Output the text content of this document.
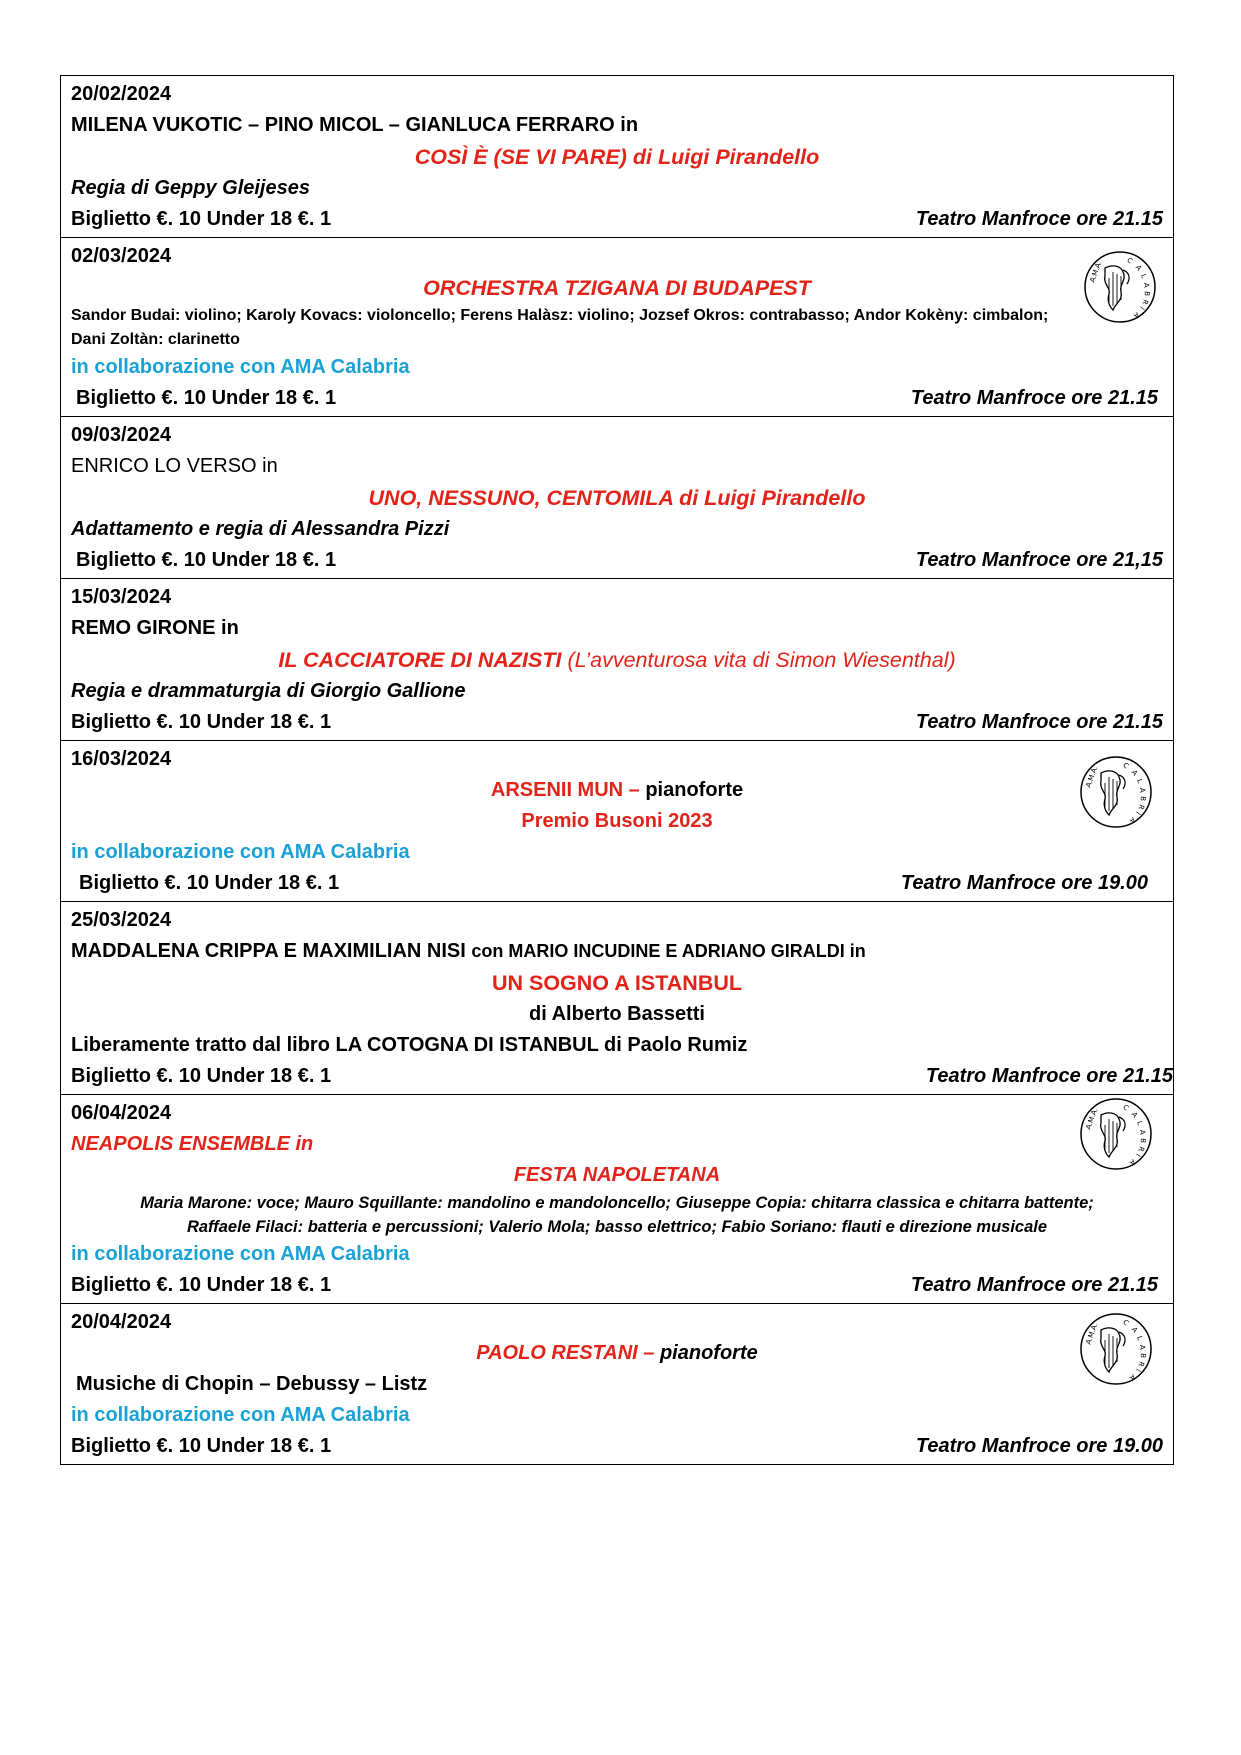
20/02/2024
MILENA VUKOTIC – PINO MICOL – GIANLUCA FERRARO in
COSÌ È (SE VI PARE) di Luigi Pirandello
Regia di Geppy Gleijeses
Biglietto €. 10 Under 18 €. 1	Teatro Manfroce ore 21.15
02/03/2024
ORCHESTRA TZIGANA DI BUDAPEST
Sandor Budai: violino; Karoly Kovacs: violoncello; Ferens Halàsz: violino; Jozsef Okros: contrabasso; Andor Kokèny: cimbalon; Dani Zoltàn: clarinetto
in collaborazione con AMA Calabria
Biglietto €. 10 Under 18 €. 1	Teatro Manfroce ore 21.15
09/03/2024
ENRICO LO VERSO in
UNO, NESSUNO, CENTOMILA di Luigi Pirandello
Adattamento e regia di Alessandra Pizzi
Biglietto €. 10 Under 18 €. 1	Teatro Manfroce ore 21,15
15/03/2024
REMO GIRONE in
IL CACCIATORE DI NAZISTI (L’avventurosa vita di Simon Wiesenthal)
Regia e drammaturgia di Giorgio Gallione
Biglietto €. 10 Under 18 €. 1	Teatro Manfroce ore 21.15
16/03/2024
ARSENII MUN – pianoforte
Premio Busoni 2023
in collaborazione con AMA Calabria
Biglietto €. 10 Under 18 €. 1	Teatro Manfroce ore 19.00
25/03/2024
MADDALENA CRIPPA E MAXIMILIAN NISI con MARIO INCUDINE E ADRIANO GIRALDI in
UN SOGNO A ISTANBUL
di Alberto Bassetti
Liberamente tratto dal libro LA COTOGNA DI ISTANBUL di Paolo Rumiz
Biglietto €. 10 Under 18 €. 1	Teatro Manfroce ore 21.15
06/04/2024
NEAPOLIS ENSEMBLE in
FESTA NAPOLETANA
Maria Marone: voce; Mauro Squillante: mandolino e mandoloncello; Giuseppe Copia: chitarra classica e chitarra battente;
Raffaele Filaci: batteria e percussioni; Valerio Mola; basso elettrico; Fabio Soriano: flauti e direzione musicale
in collaborazione con AMA Calabria
Biglietto €. 10 Under 18 €. 1	Teatro Manfroce ore 21.15
20/04/2024
PAOLO RESTANI – pianoforte
Musiche di Chopin – Debussy – Listz
in collaborazione con AMA Calabria
Biglietto €. 10 Under 18 €. 1	Teatro Manfroce ore 19.00
